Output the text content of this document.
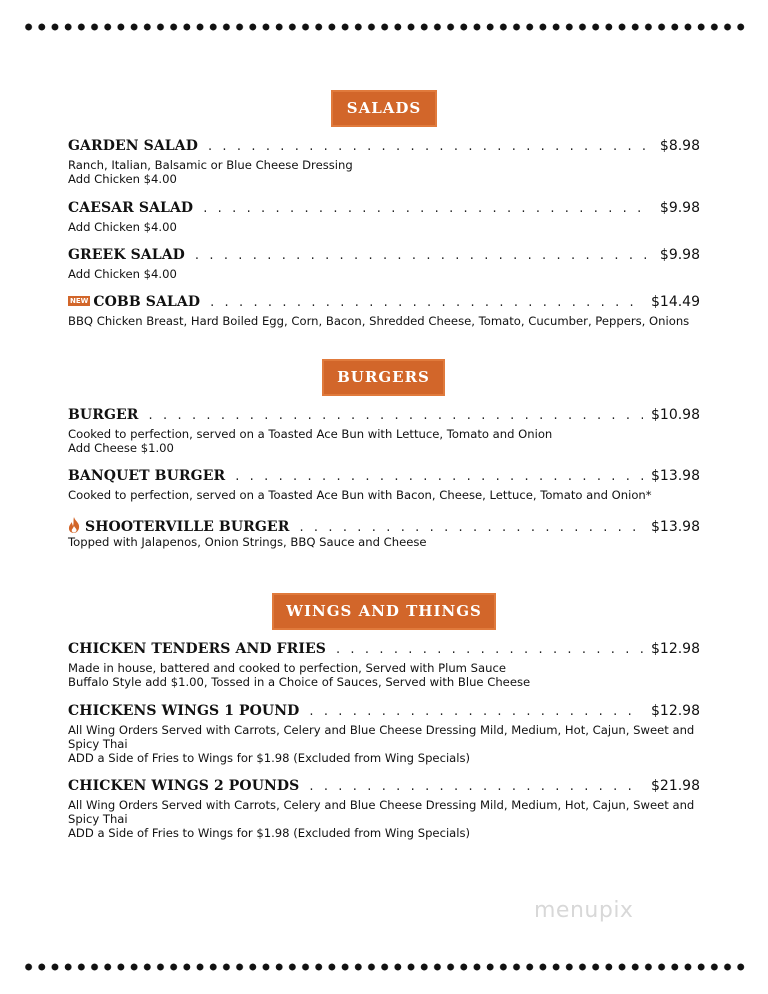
SALADS
GARDEN SALAD . . .	$8.98
Ranch, Italian, Balsamic or Blue Cheese Dressing
Add Chicken $4.00
CAESAR SALAD . . .	$9.98
Add Chicken $4.00
GREEK SALAD . . .	$9.98
Add Chicken $4.00
NEW COBB SALAD . . .	$14.49
BBQ Chicken Breast, Hard Boiled Egg, Corn, Bacon, Shredded Cheese, Tomato, Cucumber, Peppers, Onions
BURGERS
BURGER . . .	$10.98
Cooked to perfection, served on a Toasted Ace Bun with Lettuce, Tomato and Onion
Add Cheese $1.00
BANQUET BURGER . . .	$13.98
Cooked to perfection, served on a Toasted Ace Bun with Bacon, Cheese, Lettuce, Tomato and Onion*
SHOOTERVILLE BURGER . . .	$13.98
Topped with Jalapenos, Onion Strings, BBQ Sauce and Cheese
WINGS AND THINGS
CHICKEN TENDERS AND FRIES . . .	$12.98
Made in house, battered and cooked to perfection, Served with Plum Sauce
Buffalo Style add $1.00, Tossed in a Choice of Sauces, Served with Blue Cheese
CHICKENS WINGS 1 POUND . . .	$12.98
All Wing Orders Served with Carrots, Celery and Blue Cheese Dressing Mild, Medium, Hot, Cajun, Sweet and
Spicy Thai
ADD a Side of Fries to Wings for $1.98 (Excluded from Wing Specials)
CHICKEN WINGS 2 POUNDS . . .	$21.98
All Wing Orders Served with Carrots, Celery and Blue Cheese Dressing Mild, Medium, Hot, Cajun, Sweet and
Spicy Thai
ADD a Side of Fries to Wings for $1.98 (Excluded from Wing Specials)
menupix
